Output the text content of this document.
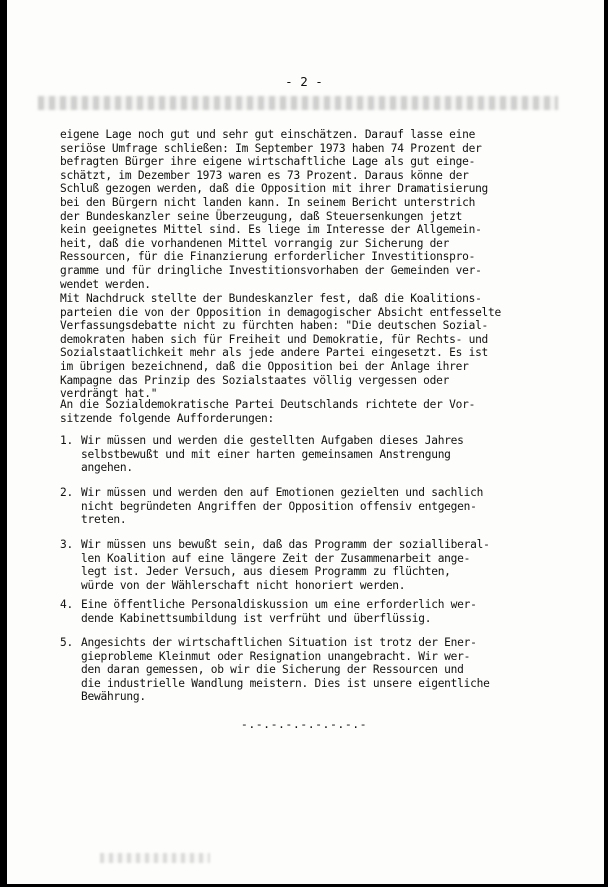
- 2 -

eigene Lage noch gut und sehr gut einschätzen. Darauf lasse eine
seriöse Umfrage schließen: Im September 1973 haben 74 Prozent der
befragten Bürger ihre eigene wirtschaftliche Lage als gut einge-
schätzt, im Dezember 1973 waren es 73 Prozent. Daraus könne der
Schluß gezogen werden, daß die Opposition mit ihrer Dramatisierung
bei den Bürgern nicht landen kann. In seinem Bericht unterstrich
der Bundeskanzler seine Überzeugung, daß Steuersenkungen jetzt
kein geeignetes Mittel sind. Es liege im Interesse der Allgemein-
heit, daß die vorhandenen Mittel vorrangig zur Sicherung der
Ressourcen, für die Finanzierung erforderlicher Investitionspro-
gramme und für dringliche Investitionsvorhaben der Gemeinden ver-
wendet werden.

Mit Nachdruck stellte der Bundeskanzler fest, daß die Koalitions-
parteien die von der Opposition in demagogischer Absicht entfesselte
Verfassungsdebatte nicht zu fürchten haben: "Die deutschen Sozial-
demokraten haben sich für Freiheit und Demokratie, für Rechts- und
Sozialstaatlichkeit mehr als jede andere Partei eingesetzt. Es ist
im übrigen bezeichnend, daß die Opposition bei der Anlage ihrer
Kampagne das Prinzip des Sozialstaates völlig vergessen oder
verdrängt hat."

An die Sozialdemokratische Partei Deutschlands richtete der Vor-
sitzende folgende Aufforderungen:

1. Wir müssen und werden die gestellten Aufgaben dieses Jahres
selbstbewußt und mit einer harten gemeinsamen Anstrengung
angehen.

2. Wir müssen und werden den auf Emotionen gezielten und sachlich
nicht begründeten Angriffen der Opposition offensiv entgegen-
treten.

3. Wir müssen uns bewußt sein, daß das Programm der sozialliberal-
len Koalition auf eine längere Zeit der Zusammenarbeit ange-
legt ist. Jeder Versuch, aus diesem Programm zu flüchten,
würde von der Wählerschaft nicht honoriert werden.

4. Eine öffentliche Personaldiskussion um eine erforderlich wer-
dende Kabinettsumbildung ist verfrüht und überflüssig.

5. Angesichts der wirtschaftlichen Situation ist trotz der Ener-
gieprobleme Kleinmut oder Resignation unangebracht. Wir wer-
den daran gemessen, ob wir die Sicherung der Ressourcen und
die industrielle Wandlung meistern. Dies ist unsere eigentliche
Bewährung.

-.-.-.-.-.-.-.-.-
